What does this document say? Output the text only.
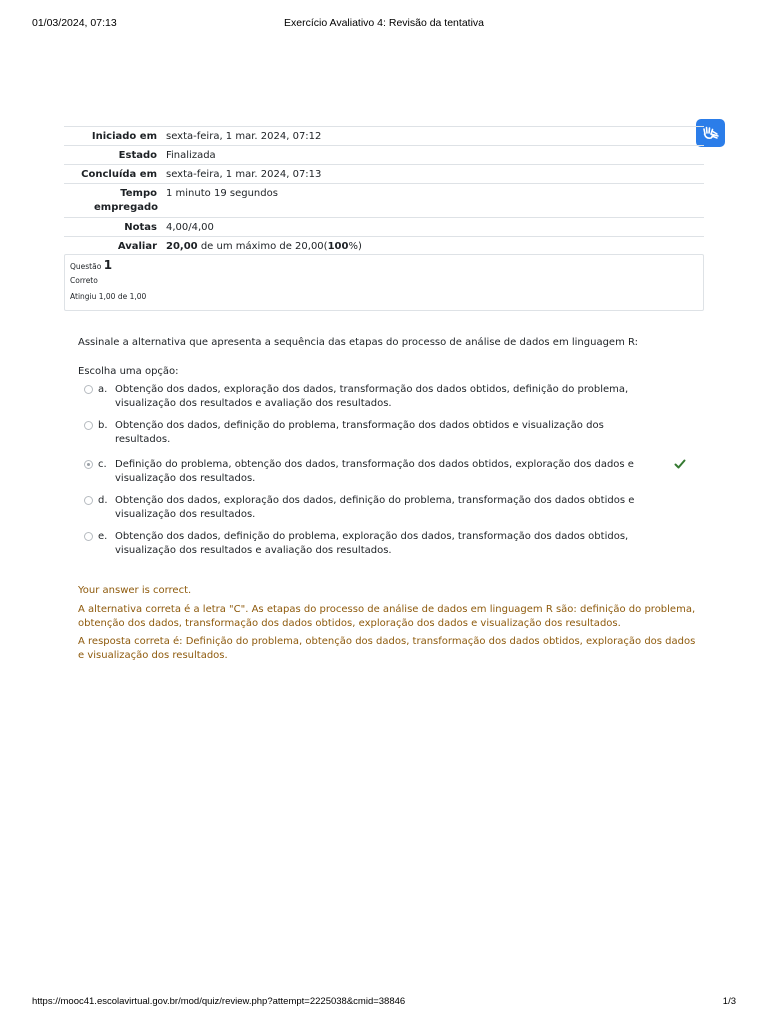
01/03/2024, 07:13	Exercício Avaliativo 4: Revisão da tentativa
Iniciado em sexta-feira, 1 mar. 2024, 07:12
Estado Finalizada
Concluída em sexta-feira, 1 mar. 2024, 07:13
Tempo empregado
1 minuto 19 segundos
Notas 4,00/4,00
Avaliar 20,00 de um máximo de 20,00(100%)
Questão 1
Correto
Atingiu 1,00 de 1,00
Assinale a alternativa que apresenta a sequência das etapas do processo de análise de dados em linguagem R:
Escolha uma opção:
a. Obtenção dos dados, exploração dos dados, transformação dos dados obtidos, definição do problema, visualização dos resultados e avaliação dos resultados.
b. Obtenção dos dados, definição do problema, transformação dos dados obtidos e visualização dos resultados.
c. Definição do problema, obtenção dos dados, transformação dos dados obtidos, exploração dos dados e visualização dos resultados.
d. Obtenção dos dados, exploração dos dados, definição do problema, transformação dos dados obtidos e visualização dos resultados.
e. Obtenção dos dados, definição do problema, exploração dos dados, transformação dos dados obtidos, visualização dos resultados e avaliação dos resultados.

Your answer is correct.

A alternativa correta é a letra "C". As etapas do processo de análise de dados em linguagem R são: definição do problema, obtenção dos dados, transformação dos dados obtidos, exploração dos dados e visualização dos resultados.

A resposta correta é: Definição do problema, obtenção dos dados, transformação dos dados obtidos, exploração dos dados e visualização dos resultados.

https://mooc41.escolavirtual.gov.br/mod/quiz/review.php?attempt=2225038&cmid=38846	1/3
